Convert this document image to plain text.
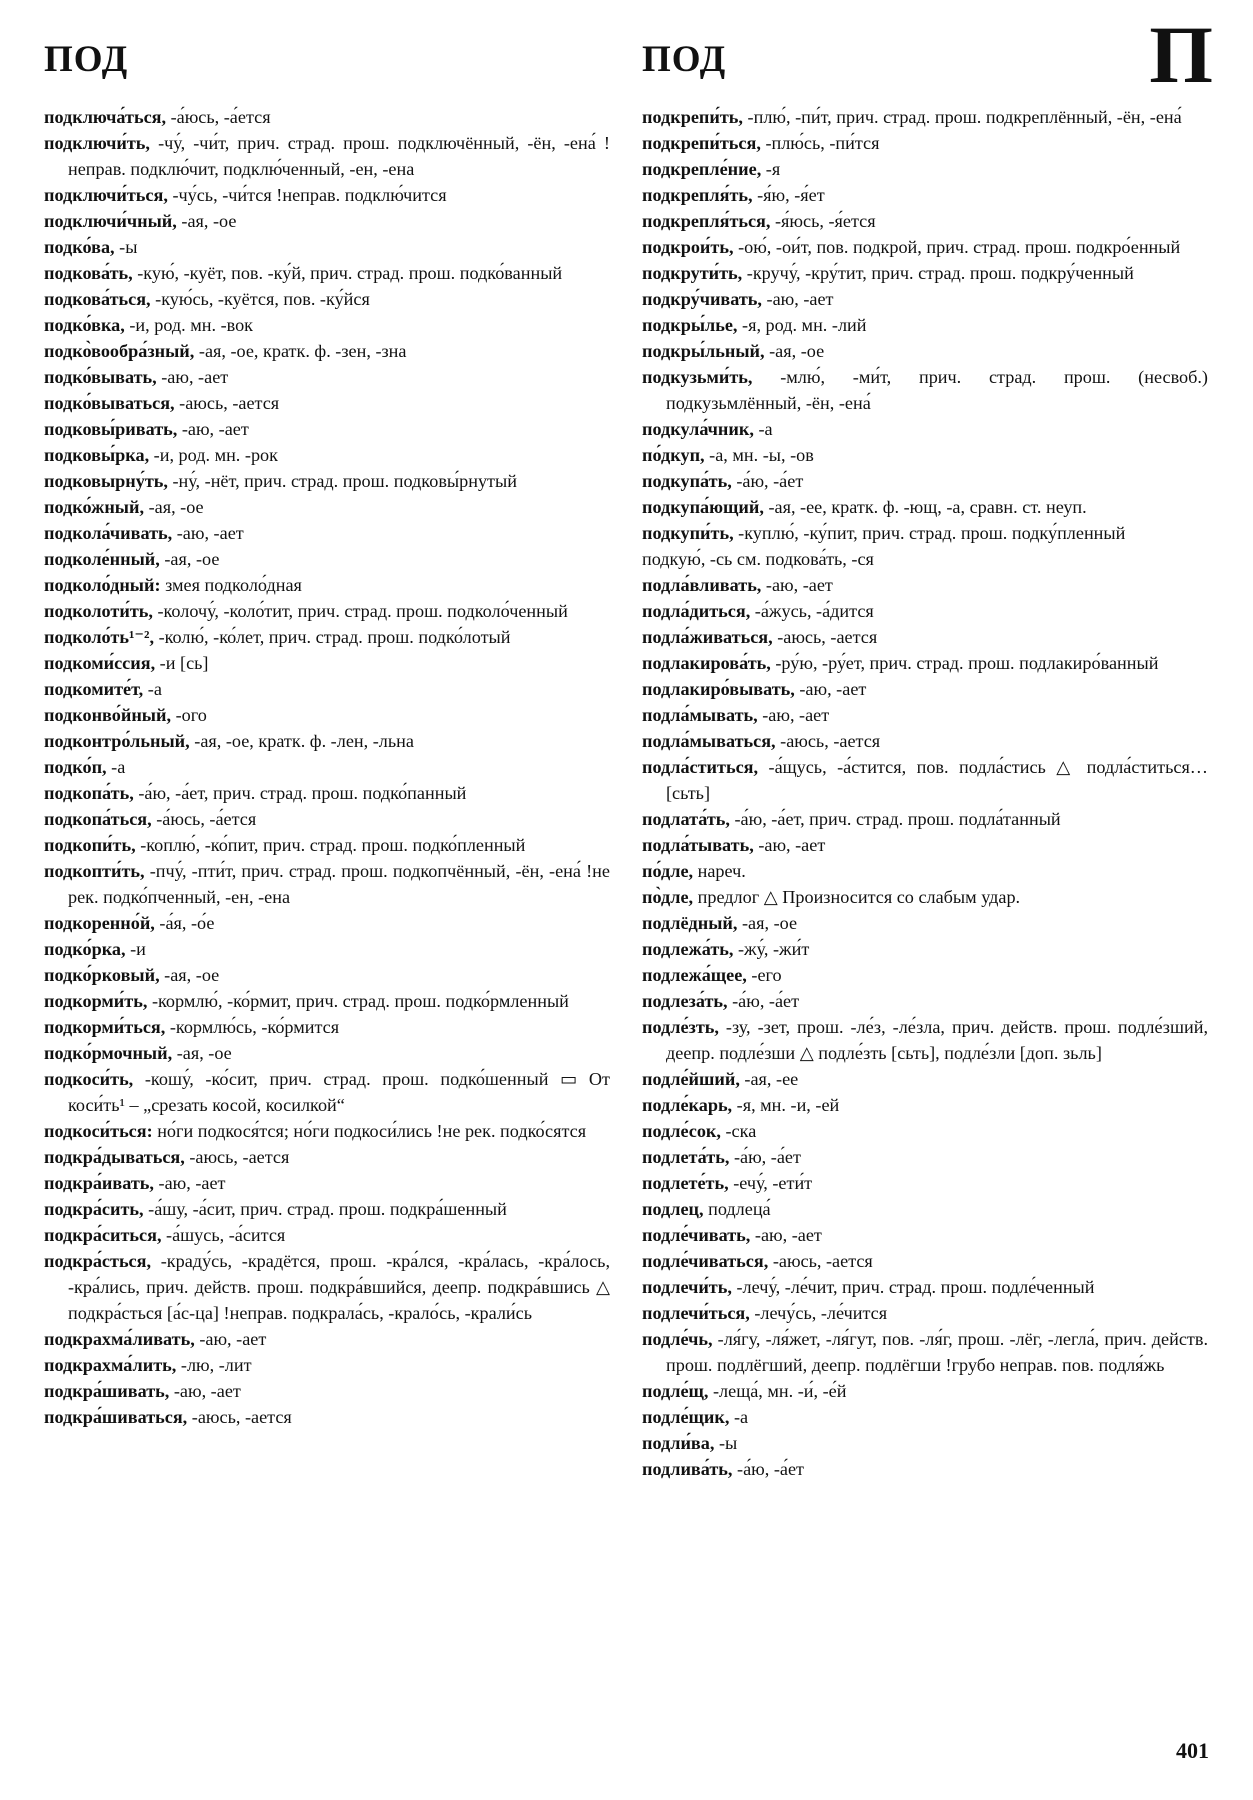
ПОД	ПОД	П
подключа́ться, -а́юсь, -а́ется
подключи́ть, -чу́, -чи́т, прич. страд. прош. подключённый, -ён, -ена́ !неправ. подклю́чит, подклю́ченный, -ен, -ена
подключи́ться, -чу́сь, -чи́тся !неправ. подклю́чится
подключи́чный, -ая, -ое
подко́ва, -ы
подкова́ть, -кую́, -куёт, пов. -ку́й, прич. страд. прош. подко́ванный
подкова́ться, -кую́сь, -куётся, пов. -ку́йся
подко́вка, -и, род. мн. -вок
подко̀вообра́зный, -ая, -ое, кратк. ф. -зен, -зна
подко́вывать, -аю, -ает
подко́вываться, -аюсь, -ается
подковы́ривать, -аю, -ает
подковы́рка, -и, род. мн. -рок
подковырну́ть, -ну́, -нёт, прич. страд. прош. подковы́рнутый
подко́жный, -ая, -ое
подкола́чивать, -аю, -ает
подколе́нный, -ая, -ое
подколо́дный: змея подколо́дная
подколоти́ть, -колочу́, -коло́тит, прич. страд. прош. подколо́ченный
подколо́ть¹⁻², -колю́, -ко́лет, прич. страд. прош. подко́лотый
подкоми́ссия, -и [сь]
подкомите́т, -а
подконво́йный, -ого
подконтро́льный, -ая, -ое, кратк. ф. -лен, -льна
подко́п, -а
подкопа́ть, -а́ю, -а́ет, прич. страд. прош. подко́панный
подкопа́ться, -а́юсь, -а́ется
подкопи́ть, -коплю́, -ко́пит, прич. страд. прош. подко́пленный
подкопти́ть, -пчу́, -пти́т, прич. страд. прош. подкопчённый, -ён, -ена́ !не рек. подко́пченный, -ен, -ена
подкоренно́й, -а́я, -о́е
подко́рка, -и
подко́рковый, -ая, -ое
подкорми́ть, -кормлю́, -ко́рмит, прич. страд. прош. подко́рмленный
подкорми́ться, -кормлю́сь, -ко́рмится
подко́рмочный, -ая, -ое
подкоси́ть, -кошу́, -ко́сит, прич. страд. прош. подко́шенный ▭ От коси́ть¹ – „срезать косой, косилкой“
подкоси́ться: но́ги подкося́тся; но́ги подкоси́лись !не рек. подко́сятся
подкра́дываться, -аюсь, -ается
подкра́ивать, -аю, -ает
подкра́сить, -а́шу, -а́сит, прич. страд. прош. подкра́шенный
подкра́ситься, -а́шусь, -а́сится
подкра́сться, -краду́сь, -крадётся, прош. -кра́лся, -кра́лась, -кра́лось, -кра́лись, прич. действ. прош. подкра́вшийся, деепр. подкра́вшись △ подкра́сться [а́с-ца] !неправ. подкрала́сь, -крало́сь, -крали́сь
подкрахма́ливать, -аю, -ает
подкрахма́лить, -лю, -лит
подкра́шивать, -аю, -ает
подкра́шиваться, -аюсь, -ается
подкрепи́ть, -плю́, -пи́т, прич. страд. прош. подкреплённый, -ён, -ена́
подкрепи́ться, -плю́сь, -пи́тся
подкрепле́ние, -я
подкрепля́ть, -я́ю, -я́ет
подкрепля́ться, -я́юсь, -я́ется
подкрои́ть, -ою́, -ои́т, пов. подкрой, прич. страд. прош. подкро́енный
подкрути́ть, -кручу́, -кру́тит, прич. страд. прош. подкру́ченный
подкру́чивать, -аю, -ает
подкры́лье, -я, род. мн. -лий
подкры́льный, -ая, -ое
подкузьми́ть, -млю́, -ми́т, прич. страд. прош. (несвоб.) подкузьмлённый, -ён, -ена́
подкула́чник, -а
по́дкуп, -а, мн. -ы, -ов
подкупа́ть, -а́ю, -а́ет
подкупа́ющий, -ая, -ее, кратк. ф. -ющ, -а, сравн. ст. неуп.
подкупи́ть, -куплю́, -ку́пит, прич. страд. прош. подку́пленный
подкую́, -сь см. подкова́ть, -ся
подла́вливать, -аю, -ает
подла́диться, -а́жусь, -а́дится
подла́живаться, -аюсь, -ается
подлакирова́ть, -ру́ю, -ру́ет, прич. страд. прош. подлакиро́ванный
подлакиро́вывать, -аю, -ает
подла́мывать, -аю, -ает
подла́мываться, -аюсь, -ается
подла́ститься, -а́щусь, -а́стится, пов. подла́стись △ подла́ститься… [сьть]
подлата́ть, -а́ю, -а́ет, прич. страд. прош. подла́танный
подла́тывать, -аю, -ает
по́дле, нареч.
по̀дле, предлог △ Произносится со слабым удар.
подлёдный, -ая, -ое
подлежа́ть, -жу́, -жи́т
подлежа́щее, -его
подлеза́ть, -а́ю, -а́ет
подле́зть, -зу, -зет, прош. -ле́з, -ле́зла, прич. действ. прош. подле́зший, деепр. подле́зши △ подле́зть [сьть], подле́зли [доп. зьль]
подле́йший, -ая, -ее
подле́карь, -я, мн. -и, -ей
подле́сок, -ска
подлета́ть, -а́ю, -а́ет
подлете́ть, -ечу́, -ети́т
подлец, подлеца́
подле́чивать, -аю, -ает
подле́чиваться, -аюсь, -ается
подлечи́ть, -лечу́, -ле́чит, прич. страд. прош. подле́ченный
подлечи́ться, -лечу́сь, -ле́чится
подле́чь, -ля́гу, -ля́жет, -ля́гут, пов. -ля́г, прош. -лёг, -легла́, прич. действ. прош. подлёгший, деепр. подлёгши !грубо неправ. пов. подля́жь
подле́щ, -леща́, мн. -и́, -е́й
подле́щик, -а
подли́ва, -ы
подлива́ть, -а́ю, -а́ет
401
